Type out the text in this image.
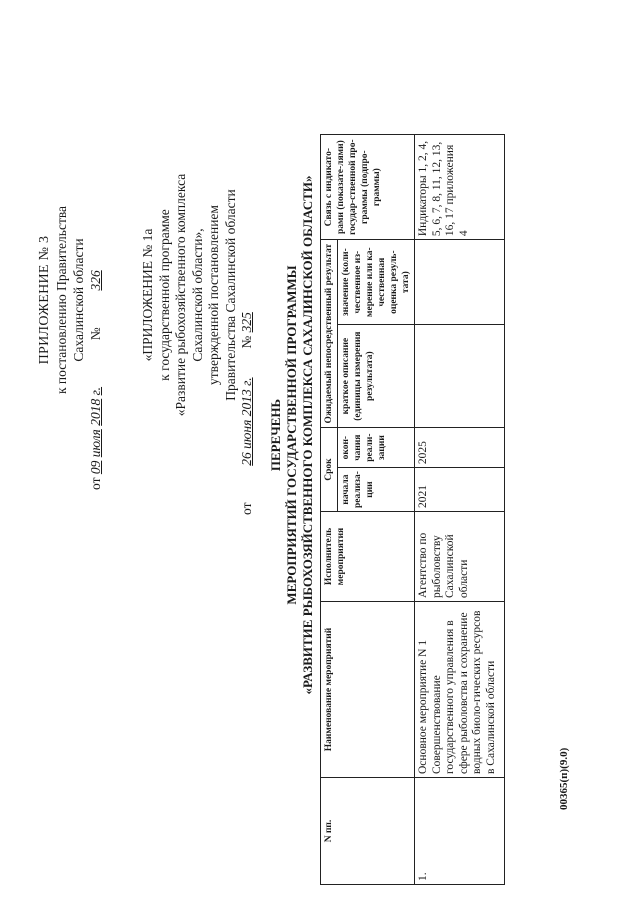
ПРИЛОЖЕНИЕ № 3 к постановлению Правительства Сахалинской области
от 09 июля 2018 г.  №  326	«ПРИЛОЖЕНИЕ № 1а к государственной программе «Развитие рыбохозяйственного комплекса Сахалинской области», утвержденной постановлением Правительства Сахалинской области
от  26 июня 2013 г.  № 325
ПЕРЕЧЕНЬ МЕРОПРИЯТИЙ ГОСУДАРСТВЕННОЙ ПРОГРАММЫ «РАЗВИТИЕ РЫБОХОЗЯЙСТВЕННОГО КОМПЛЕКСА САХАЛИНСКОЙ ОБЛАСТИ»
N пп.	Наименование мероприятий	Исполнитель мероприятия	Срок		Ожидаемый непосредственный результат		Связь с индикато-рами (показате-лями) государ-ственной про-граммы (подпро-граммы)
			начала реализа-ции	окон-чания реали-зации	краткое описание (единицы измерения результата)	значение (коли-чественное из-мерение или ка-чественная оценка резуль-тата)	
1.	Основное мероприятие N 1 Совершенствование государственного управления в сфере рыболовства и сохранение водных биоло-гических ресурсов в Сахалинской области	Агентство по рыболовству Сахалинской области	2021	2025			Индикаторы 1, 2, 4, 5, 6, 7, 8, 11, 12, 13, 16, 17 приложения 4
00365(п)(9.0)
